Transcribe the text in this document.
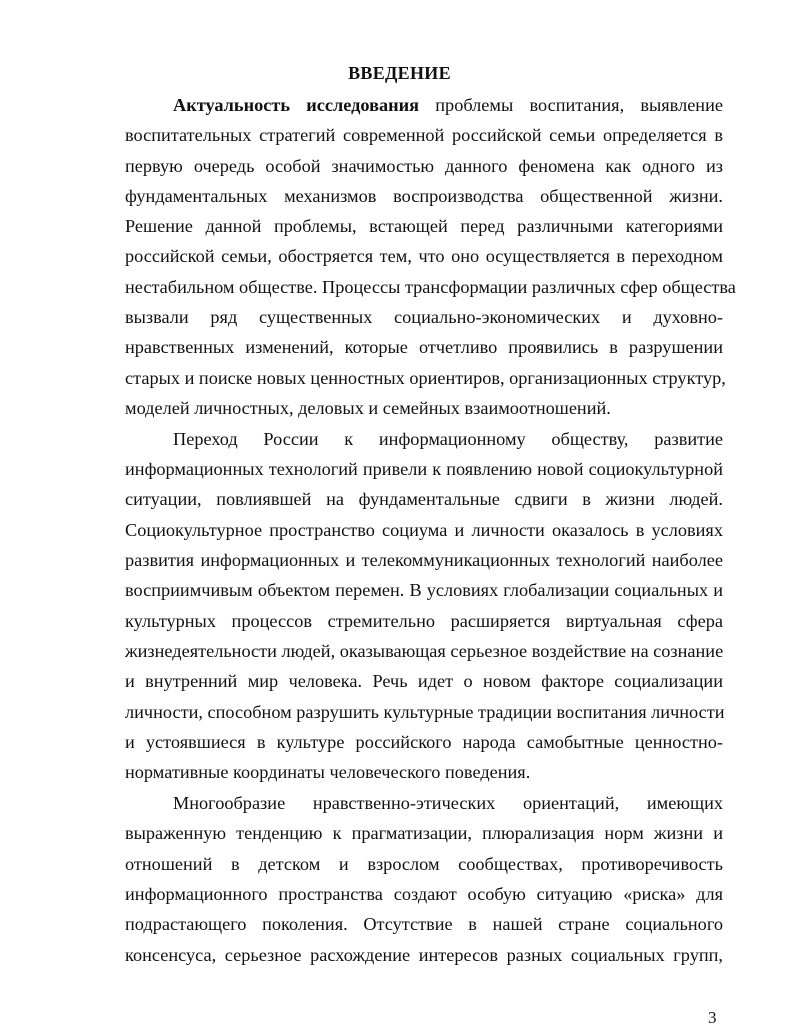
ВВЕДЕНИЕ
Актуальность исследования проблемы воспитания, выявление
воспитательных стратегий современной российской семьи определяется в
первую очередь особой значимостью данного феномена как одного из
фундаментальных механизмов воспроизводства общественной жизни.
Решение данной проблемы, встающей перед различными категориями
российской семьи, обостряется тем, что оно осуществляется в переходном
нестабильном обществе. Процессы трансформации различных сфер общества
вызвали ряд существенных социально-экономических и духовно-
нравственных изменений, которые отчетливо проявились в разрушении
старых и поиске новых ценностных ориентиров, организационных структур,
моделей личностных, деловых и семейных взаимоотношений.
Переход России к информационному обществу, развитие
информационных технологий привели к появлению новой социокультурной
ситуации, повлиявшей на фундаментальные сдвиги в жизни людей.
Социокультурное пространство социума и личности оказалось в условиях
развития информационных и телекоммуникационных технологий наиболее
восприимчивым объектом перемен. В условиях глобализации социальных и
культурных процессов стремительно расширяется виртуальная сфера
жизнедеятельности людей, оказывающая серьезное воздействие на сознание
и внутренний мир человека. Речь идет о новом факторе социализации
личности, способном разрушить культурные традиции воспитания личности
и устоявшиеся в культуре российского народа самобытные ценностно-
нормативные координаты человеческого поведения.
Многообразие нравственно-этических ориентаций, имеющих
выраженную тенденцию к прагматизации, плюрализация норм жизни и
отношений в детском и взрослом сообществах, противоречивость
информационного пространства создают особую ситуацию «риска» для
подрастающего поколения. Отсутствие в нашей стране социального
консенсуса, серьезное расхождение интересов разных социальных групп,
3
